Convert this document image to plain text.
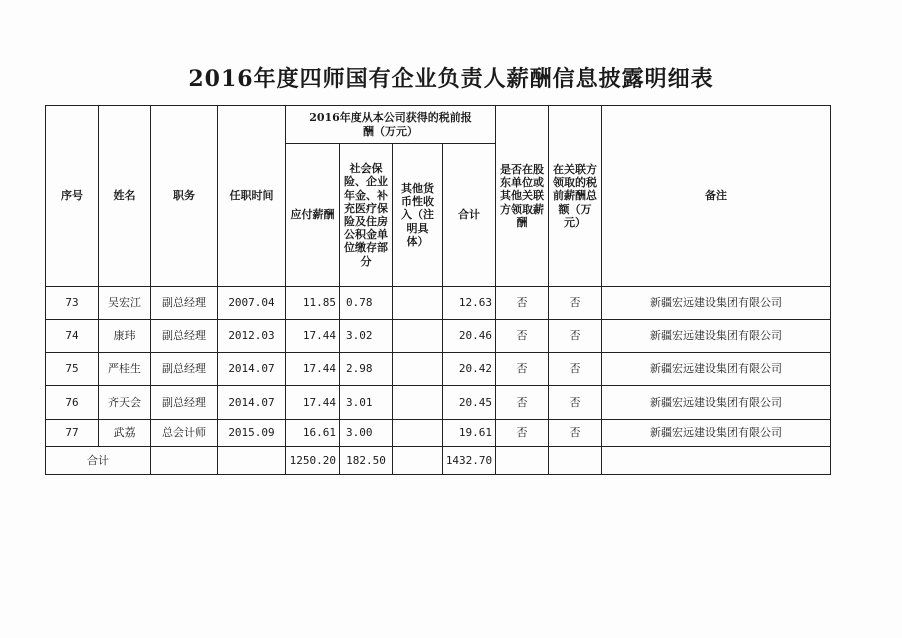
2016年度四师国有企业负责人薪酬信息披露明细表
序号	姓名	职务	任职时间	2016年度从本公司获得的税前报酬（万元）				是否在股东单位或其他关联方领取薪酬	在关联方领取的税前薪酬总额（万元）	备注
				应付薪酬	社会保险、企业年金、补充医疗保险及住房公积金单位缴存部分	其他货币性收入（注明具体）	合计			
73	吴宏江	副总经理	2007.04	11.85	0.78		12.63	否	否	新疆宏远建设集团有限公司
74	康玮	副总经理	2012.03	17.44	3.02		20.46	否	否	新疆宏远建设集团有限公司
75	严桂生	副总经理	2014.07	17.44	2.98		20.42	否	否	新疆宏远建设集团有限公司
76	齐天会	副总经理	2014.07	17.44	3.01		20.45	否	否	新疆宏远建设集团有限公司
77	武荔	总会计师	2015.09	16.61	3.00		19.61	否	否	新疆宏远建设集团有限公司
合计				1250.20	182.50		1432.70			
